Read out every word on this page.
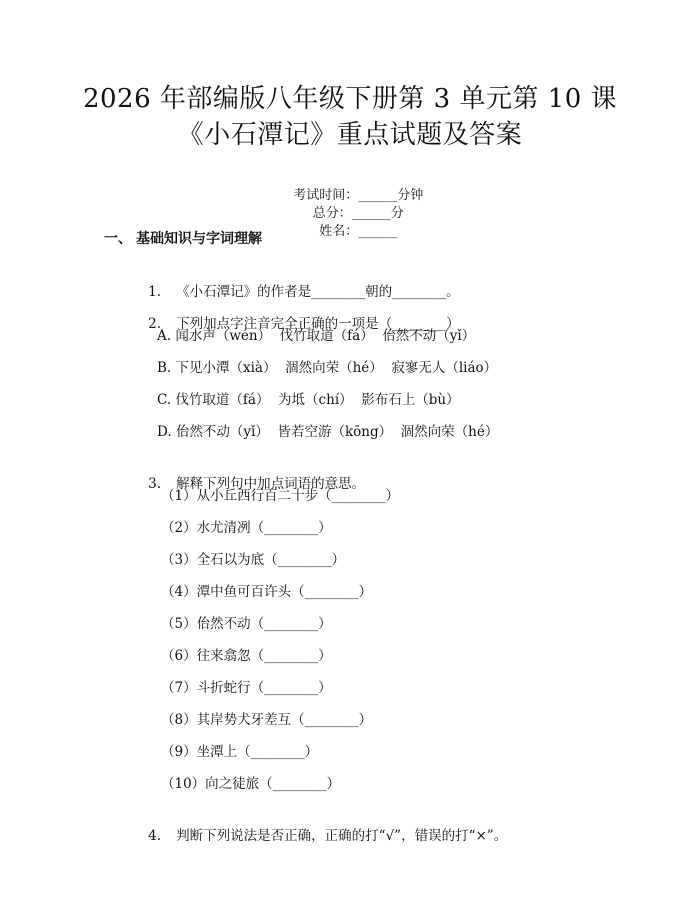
2026 年部编版八年级下册第 3 单元第 10 课
《小石潭记》重点试题及答案

考试时间：______分钟
总分：______分
姓名：______

一、 基础知识与字词理解

1. 《小石潭记》的作者是________朝的________。

2. 下列加点字注音完全正确的一项是（________）

A. 闻水声（wén）  伐竹取道（fá）  佁然不动（yǐ）
B. 下见小潭（xià）  涸然向荣（hé）  寂寥无人（liáo）
C. 伐竹取道（fá）  为坻（chí）  影布石上（bù）
D. 佁然不动（yǐ）  皆若空游（kōng）  涸然向荣（hé）

3. 解释下列句中加点词语的意思。

（1）从小丘西行百二十步（________）
（2）水尤清冽（________）
（3）全石以为底（________）
（4）潭中鱼可百许头（________）
（5）佁然不动（________）
（6）往来翕忽（________）
（7）斗折蛇行（________）
（8）其岸势犬牙差互（________）
（9）坐潭上（________）
（10）向之徒旅（________）

4. 判断下列说法是否正确，正确的打“√”，错误的打“×”。
